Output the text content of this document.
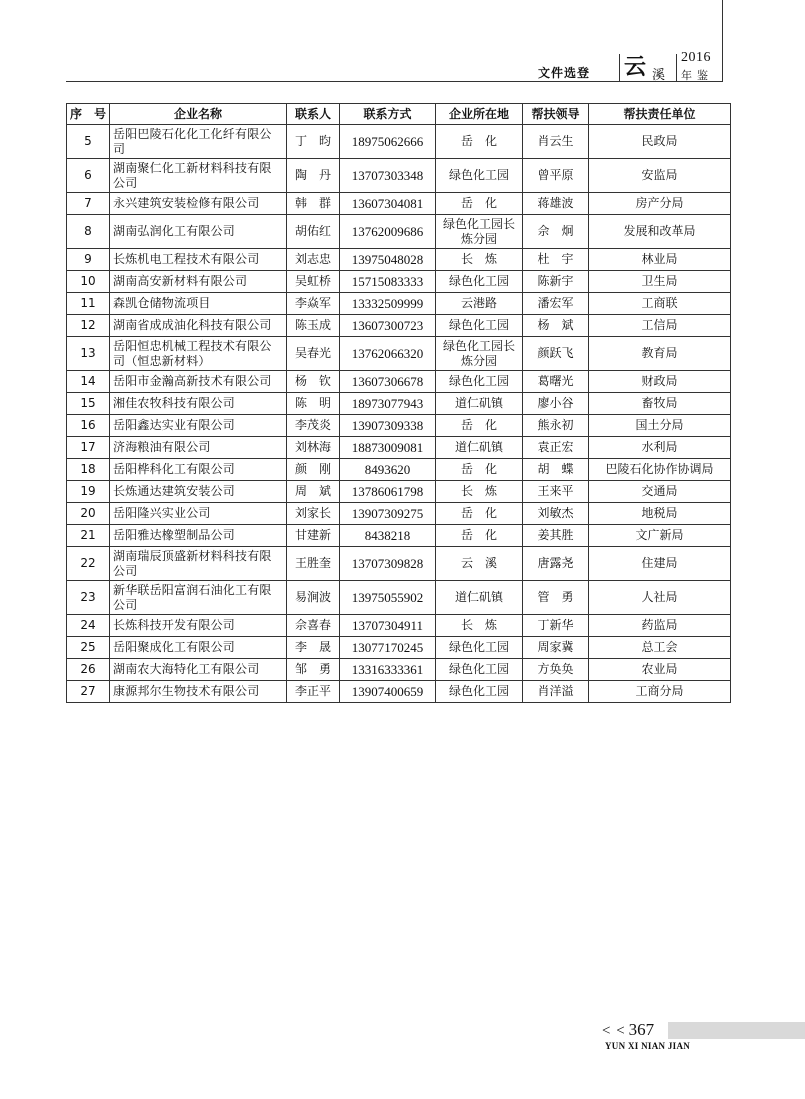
文件选登 云 溪
2016
年鉴
序　号	企业名称	联系人	联系方式	企业所在地	帮扶领导	帮扶责任单位
5	岳阳巴陵石化化工化纤有限公司	丁　昀	18975062666	岳　化	肖云生	民政局
6	湖南聚仁化工新材料科技有限公司	陶　丹	13707303348	绿色化工园	曾平原	安监局
7	永兴建筑安装检修有限公司	韩　群	13607304081	岳　化	蒋雄波	房产分局
8	湖南弘润化工有限公司	胡佑红	13762009686	绿色化工园长炼分园	佘　炯	发展和改革局
9	长炼机电工程技术有限公司	刘志忠	13975048028	长　炼	杜　宇	林业局
10	湖南高安新材料有限公司	吴虹桥	15715083333	绿色化工园	陈新宇	卫生局
11	森凯仓储物流项目	李焱军	13332509999	云港路	潘宏军	工商联
12	湖南省成成油化科技有限公司	陈玉成	13607300723	绿色化工园	杨　斌	工信局
13	岳阳恒忠机械工程技术有限公司（恒忠新材料）	吴春光	13762066320	绿色化工园长炼分园	颜跃飞	教育局
14	岳阳市金瀚高新技术有限公司	杨　钦	13607306678	绿色化工园	葛曙光	财政局
15	湘佳农牧科技有限公司	陈　明	18973077943	道仁矶镇	廖小谷	畜牧局
16	岳阳鑫达实业有限公司	李茂炎	13907309338	岳　化	熊永初	国土分局
17	济海粮油有限公司	刘林海	18873009081	道仁矶镇	袁正宏	水利局
18	岳阳桦科化工有限公司	颜　刚	8493620	岳　化	胡　蝶	巴陵石化协作协调局
19	长炼通达建筑安装公司	周　斌	13786061798	长　炼	王来平	交通局
20	岳阳隆兴实业公司	刘家长	13907309275	岳　化	刘敏杰	地税局
21	岳阳雅达橡塑制品公司	甘建新	8438218	岳　化	姜其胜	文广新局
22	湖南瑞辰顶盛新材料科技有限公司	王胜奎	13707309828	云　溪	唐露尧	住建局
23	新华联岳阳富润石油化工有限公司	易涧波	13975055902	道仁矶镇	管　勇	人社局
24	长炼科技开发有限公司	佘喜春	13707304911	长　炼	丁新华	药监局
25	岳阳聚成化工有限公司	李　晟	13077170245	绿色化工园	周家冀	总工会
26	湖南农大海特化工有限公司	邹　勇	13316333361	绿色化工园	方奂奂	农业局
27	康源邦尔生物技术有限公司	李正平	13907400659	绿色化工园	肖洋溢	工商分局
< < 367
YUN XI NIAN JIAN
